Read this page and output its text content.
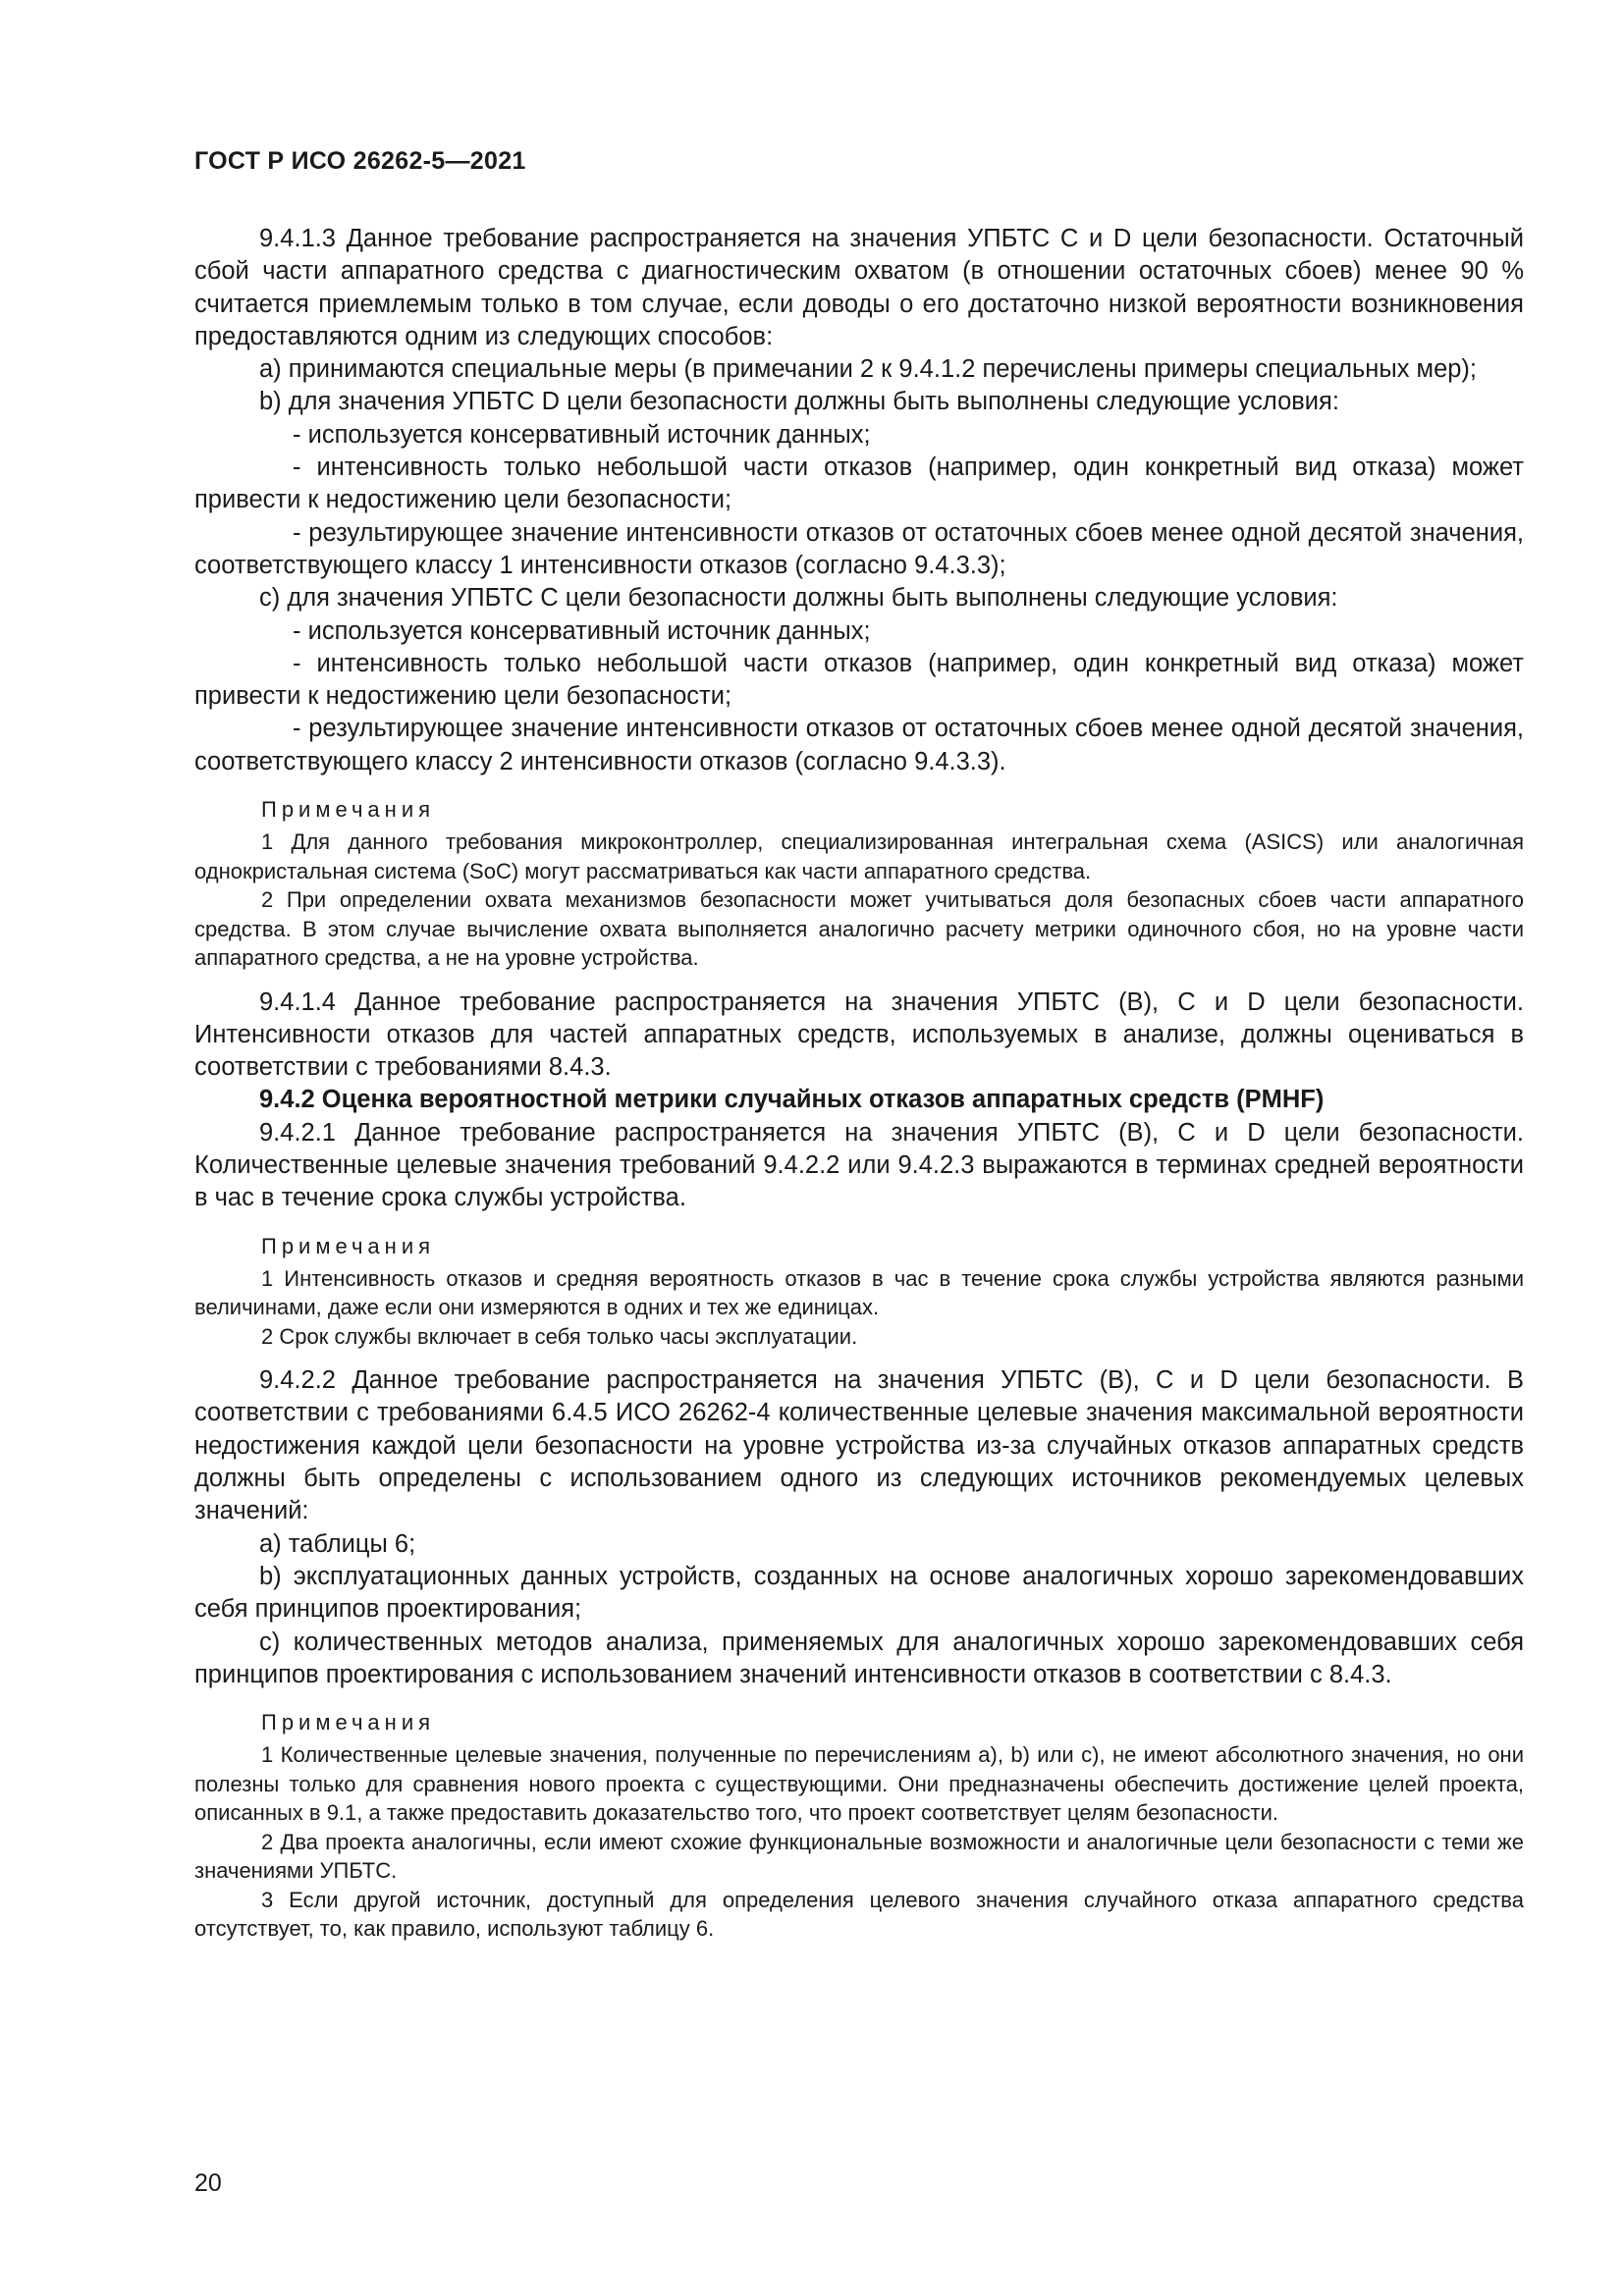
ГОСТ Р ИСО 26262-5—2021

9.4.1.3 Данное требование распространяется на значения УПБТС C и D цели безопасности. Остаточный сбой части аппаратного средства с диагностическим охватом (в отношении остаточных сбоев) менее 90 % считается приемлемым только в том случае, если доводы о его достаточно низкой вероятности возникновения предоставляются одним из следующих способов:

a) принимаются специальные меры (в примечании 2 к 9.4.1.2 перечислены примеры специальных мер);

b) для значения УПБТС D цели безопасности должны быть выполнены следующие условия:

- используется консервативный источник данных;

- интенсивность только небольшой части отказов (например, один конкретный вид отказа) может привести к недостижению цели безопасности;

- результирующее значение интенсивности отказов от остаточных сбоев менее одной десятой значения, соответствующего классу 1 интенсивности отказов (согласно 9.4.3.3);

c) для значения УПБТС C цели безопасности должны быть выполнены следующие условия:

- используется консервативный источник данных;

- интенсивность только небольшой части отказов (например, один конкретный вид отказа) может привести к недостижению цели безопасности;

- результирующее значение интенсивности отказов от остаточных сбоев менее одной десятой значения, соответствующего классу 2 интенсивности отказов (согласно 9.4.3.3).

Примечания

1 Для данного требования микроконтроллер, специализированная интегральная схема (ASICS) или аналогичная однокристальная система (SoC) могут рассматриваться как части аппаратного средства.

2 При определении охвата механизмов безопасности может учитываться доля безопасных сбоев части аппаратного средства. В этом случае вычисление охвата выполняется аналогично расчету метрики одиночного сбоя, но на уровне части аппаратного средства, а не на уровне устройства.

9.4.1.4 Данное требование распространяется на значения УПБТС (B), C и D цели безопасности. Интенсивности отказов для частей аппаратных средств, используемых в анализе, должны оцениваться в соответствии с требованиями 8.4.3.

9.4.2 Оценка вероятностной метрики случайных отказов аппаратных средств (PMHF)

9.4.2.1 Данное требование распространяется на значения УПБТС (B), C и D цели безопасности. Количественные целевые значения требований 9.4.2.2 или 9.4.2.3 выражаются в терминах средней вероятности в час в течение срока службы устройства.

Примечания

1 Интенсивность отказов и средняя вероятность отказов в час в течение срока службы устройства являются разными величинами, даже если они измеряются в одних и тех же единицах.

2 Срок службы включает в себя только часы эксплуатации.

9.4.2.2 Данное требование распространяется на значения УПБТС (B), C и D цели безопасности. В соответствии с требованиями 6.4.5 ИСО 26262-4 количественные целевые значения максимальной вероятности недостижения каждой цели безопасности на уровне устройства из-за случайных отказов аппаратных средств должны быть определены с использованием одного из следующих источников рекомендуемых целевых значений:

a) таблицы 6;

b) эксплуатационных данных устройств, созданных на основе аналогичных хорошо зарекомендовавших себя принципов проектирования;

c) количественных методов анализа, применяемых для аналогичных хорошо зарекомендовавших себя принципов проектирования с использованием значений интенсивности отказов в соответствии с 8.4.3.

Примечания

1 Количественные целевые значения, полученные по перечислениям a), b) или c), не имеют абсолютного значения, но они полезны только для сравнения нового проекта с существующими. Они предназначены обеспечить достижение целей проекта, описанных в 9.1, а также предоставить доказательство того, что проект соответствует целям безопасности.

2 Два проекта аналогичны, если имеют схожие функциональные возможности и аналогичные цели безопасности с теми же значениями УПБТС.

3 Если другой источник, доступный для определения целевого значения случайного отказа аппаратного средства отсутствует, то, как правило, используют таблицу 6.

20
